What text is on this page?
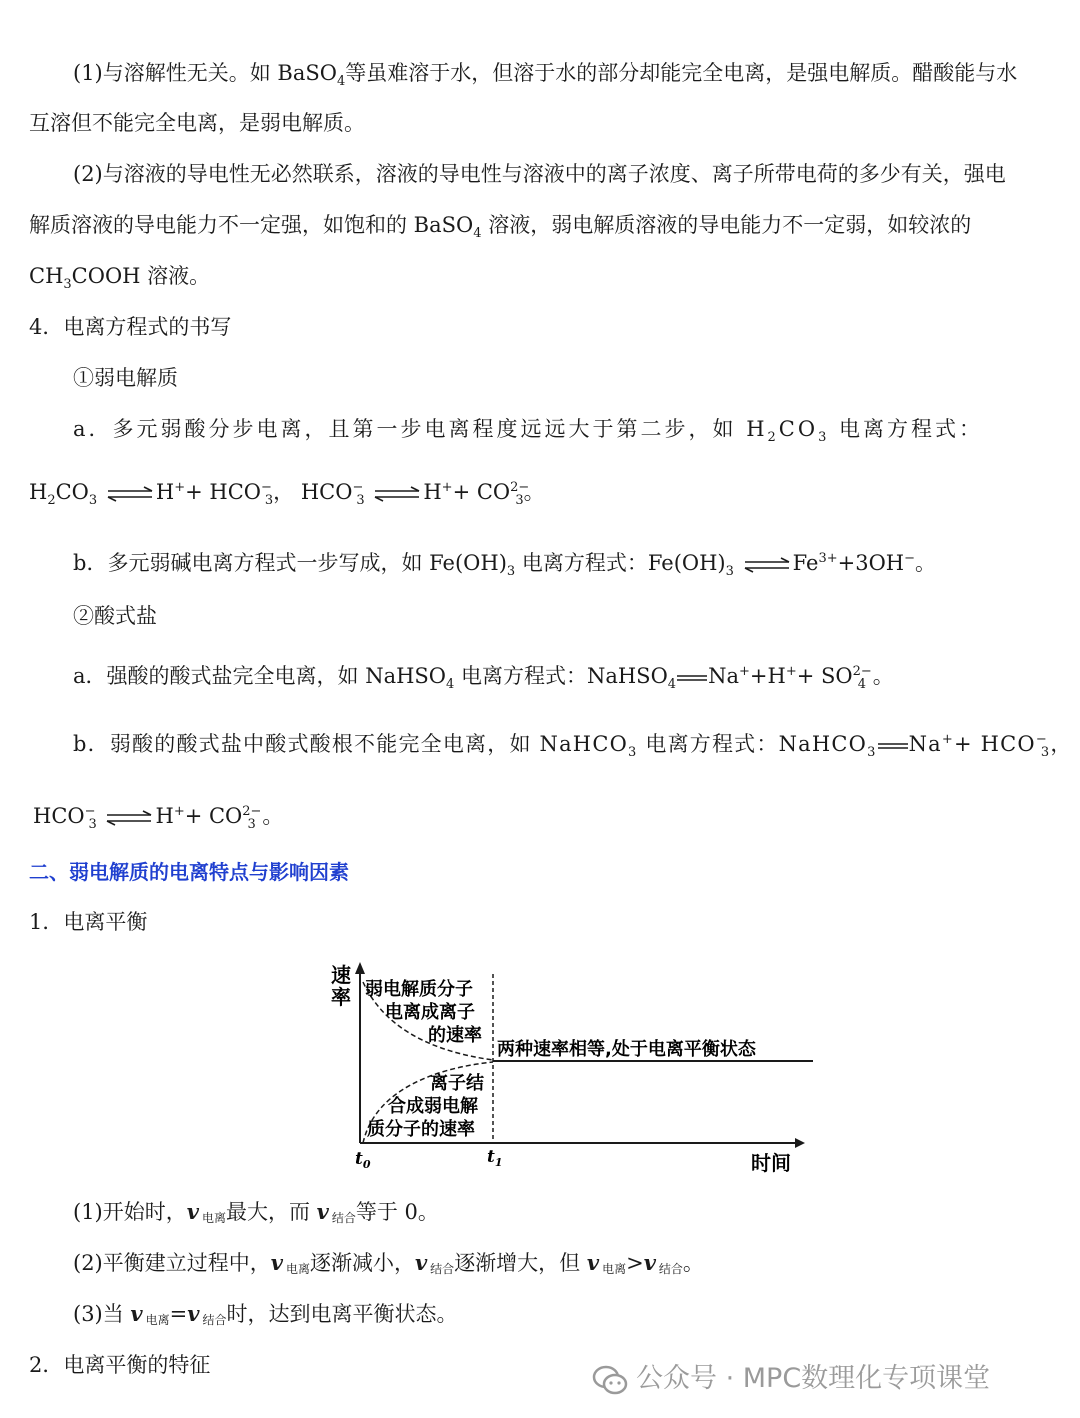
(1)与溶解性无关。如 BaSO$_4$等虽难溶于水，但溶于水的部分却能完全电离，是强电解质。醋酸能与水
互溶但不能完全电离，是弱电解质。
(2)与溶液的导电性无必然联系，溶液的导电性与溶液中的离子浓度、离子所带电荷的多少有关，强电
解质溶液的导电能力不一定强，如饱和的 BaSO$_4$ 溶液，弱电解质溶液的导电能力不一定弱，如较浓的
$CH_3COOH$ 溶液。
4．电离方程式的书写
①弱电解质
a．多元弱酸分步电离，且第一步电离程度远远大于第二步，如 $H_2CO_3$ 电离方程式：
$H_2CO_3$	$H^++ HCO^-_3$， $HCO^-_3$	$H^++ CO^{2-}_3$。
b．多元弱碱电离方程式一步写成，如 $Fe(OH)_3$ 电离方程式：$Fe(OH)_3$	$Fe^{3+}+3OH^-$。
②酸式盐
a．强酸的酸式盐完全电离，如 NaHSO$_4$ 电离方程式：NaHSO$_4$ $Na^++H^++ SO^{2-}_4$ 。
b．弱酸的酸式盐中酸式酸根不能完全电离，如 NaHCO$_3$ 电离方程式：NaHCO$_3$ $Na^++ HCO^-_3$，
$HCO^-_3$	$H^++ CO^{2-}_3$ 。
二、弱电解质的电离特点与影响因素
1．电离平衡
速
率 弱电解质分子
电离成离子
的速率
两种速率相等,处于电离平衡状态
离子结
合成弱电解
质分子的速率
$t_0$	$t_1$	时间
(1)开始时，v 电离最大，而 v 结合等于 0。
(2)平衡建立过程中，v 电离逐渐减小，v 结合逐渐增大，但 v 电离>v 结合。
(3)当 v 电离=v 结合时，达到电离平衡状态。
2．电离平衡的特征	公众号 · MPC数理化专项课堂
